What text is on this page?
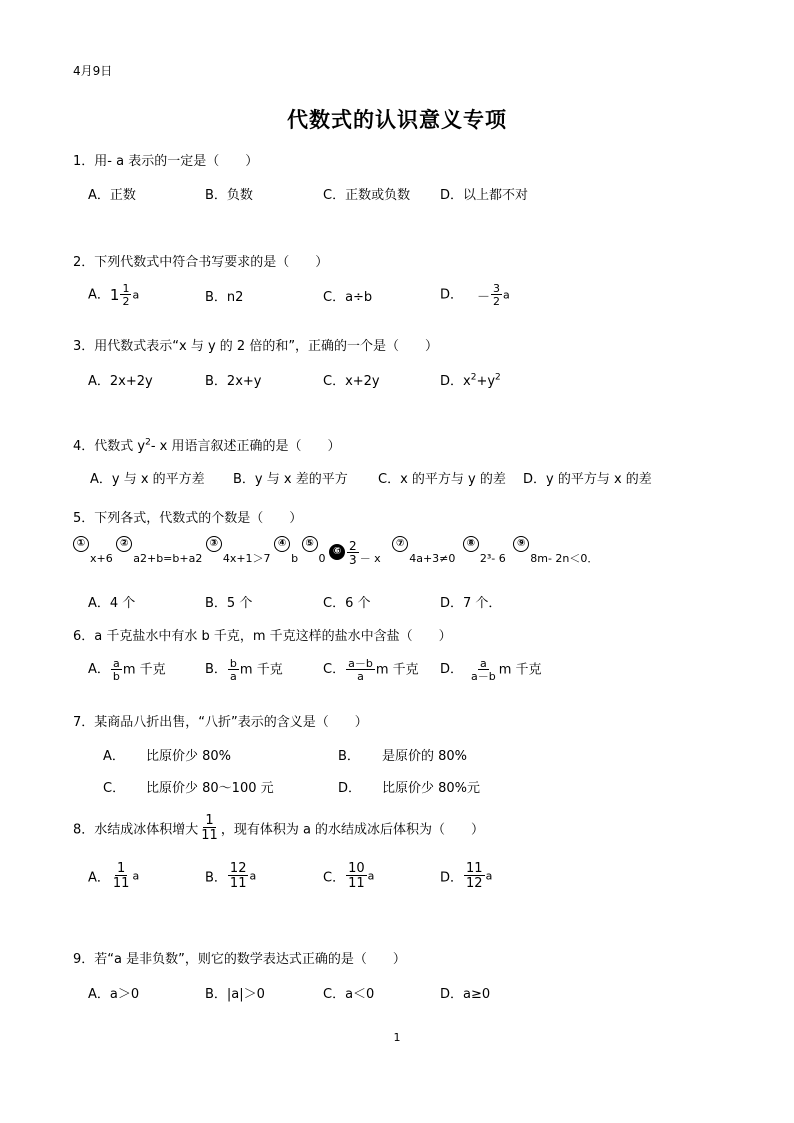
4月9日
代数式的认识意义专项
1．用- a 表示的一定是（　　）
A．正数	B．负数	C．正数或负数 D．以上都不对
2．下列代数式中符合书写要求的是（　　）
A．$1 \frac{1}{2}$ a	B．n2	C．a÷b	D． － $\frac{3}{2}$ a
3．用代数式表示“x 与 y 的 2 倍的和”，正确的一个是（　　）
A．2x+2y	B．2x+y	C．x+2y	D．$x^2+y^2$
4．代数式 $y^2-$ x 用语言叙述正确的是（　　）
A．y 与 x 的平方差 B．y 与 x 差的平方 C．x 的平方与 y 的差 D．y 的平方与 x 的差
5．下列各式，代数式的个数是（　　）
①x+6 ②a2+b=b+a2 ③4x+1＞7 ④b ⑤0 ⑥ $\frac{2}{3} - x$ ⑦4a+3≠0 ⑧2³- 6 ⑨8m- 2n＜0．
A．4 个	B．5 个	C．6 个	D．7 个．
6．a 千克盐水中有水 b 千克，m 千克这样的盐水中含盐（　　）
A． $\frac{a}{b}$ m 千克	B． $\frac{b}{a}$ m 千克	C． $\frac{a-b}{a}$ m 千克 D． $\frac{a}{a-b}$ m 千克
7．某商品八折出售，“八折”表示的含义是（　　）
A． 比原价少 80%	B． 是原价的 80%
C． 比原价少 80～100 元	D． 比原价少 80%元
8．水结成冰体积增大 $\frac{1}{11}$ ，现有体积为 a 的水结成冰后体积为（　　）
A． $\frac{1}{11}$ a	B． $\frac{12}{11}$ a	C． $\frac{10}{11}$ a	D． $\frac{11}{12}$ a
9．若“a 是非负数”，则它的数学表达式正确的是（　　）
A．a＞0	B．|a|＞0	C．a＜0	D．a≥0
1
